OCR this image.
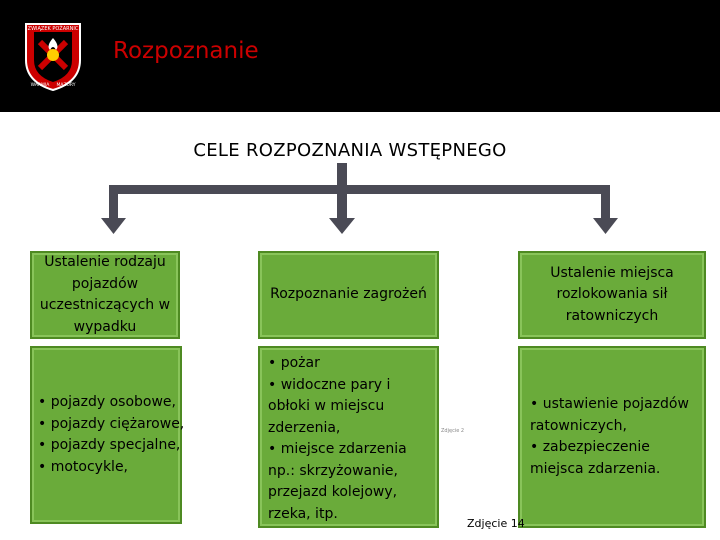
ZWIĄZEK POŻARNIC
WARMIA MAZURY
Rozpoznanie
CELE ROZPOZNANIA WSTĘPNEGO
Ustalenie rodzaju pojazdów uczestniczących w wypadku
• pojazdy osobowe,
• pojazdy ciężarowe,
• pojazdy specjalne,
• motocykle,
Rozpoznanie zagrożeń
• pożar
• widoczne pary i
obłoki w miejscu
zderzenia,
• miejsce zdarzenia
np.: skrzyżowanie,
przejazd kolejowy,
rzeka, itp.
Ustalenie miejsca rozlokowania sił ratowniczych
• ustawienie pojazdów
ratowniczych,
• zabezpieczenie
miejsca zdarzenia.
Zdjęcie 2
Zdjęcie 14
